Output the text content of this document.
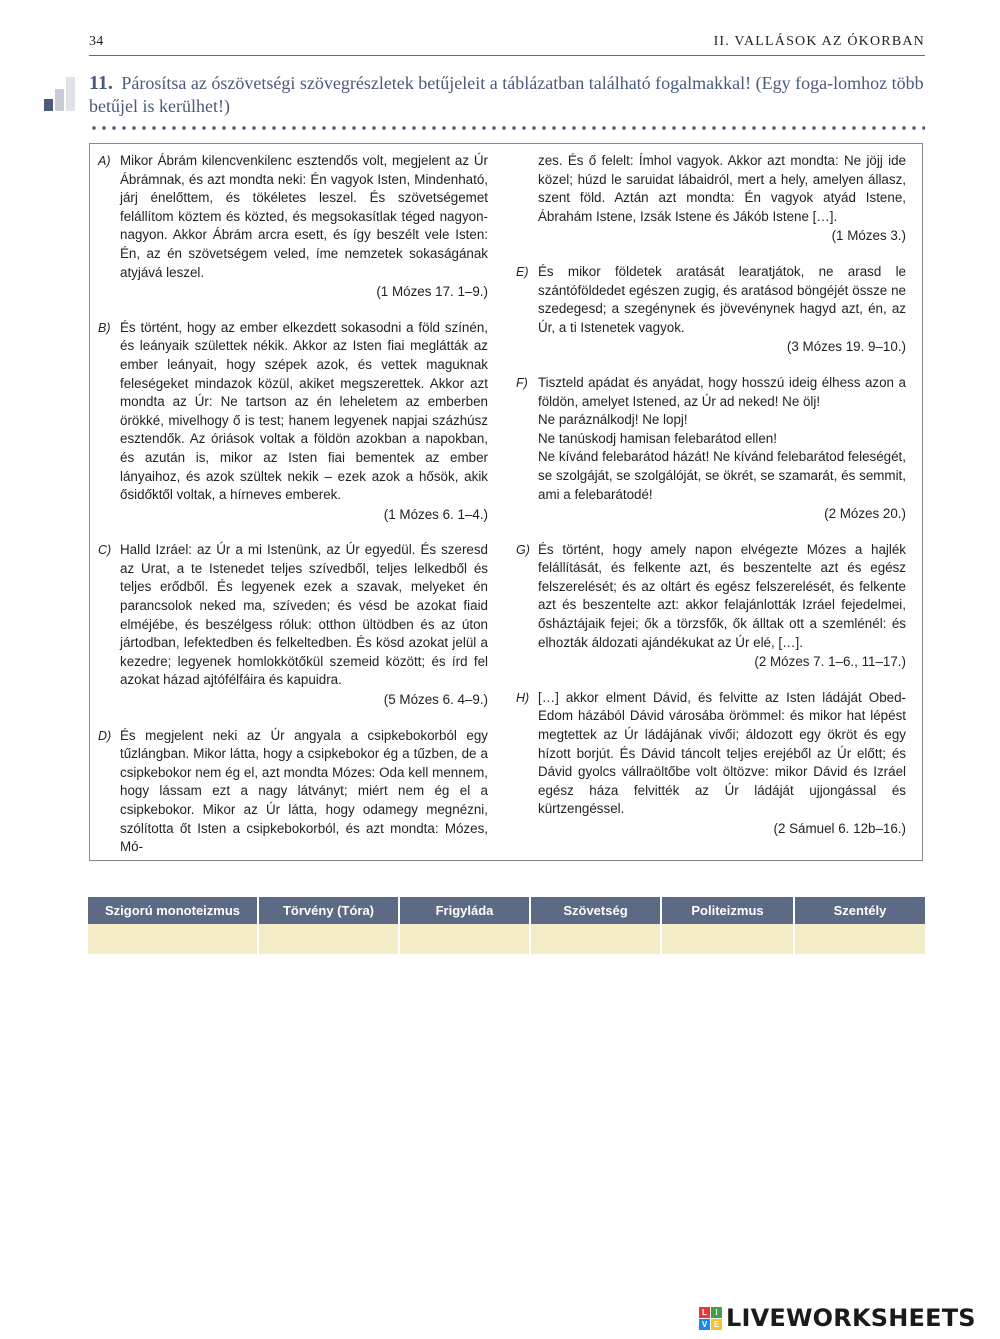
34	II. VALLÁSOK AZ ÓKORBAN
11. Párosítsa az ószövetségi szövegrészletek betűjeleit a táblázatban található fogalmakkal! (Egy foga-lomhoz több betűjel is kerülhet!)
A) Mikor Ábrám kilencvenkilenc esztendős volt, megjelent az Úr Ábrámnak, és azt mondta neki: Én vagyok Isten, Mindenható, járj énelőttem, és tökéletes leszel. És szövetségemet felállítom köztem és közted, és megsokasítlak téged nagyon-nagyon. Akkor Ábrám arcra esett, és így beszélt vele Isten: Én, az én szövetségem veled, íme nemzetek sokaságának atyjává leszel.
(1 Mózes 17. 1–9.)
B) És történt, hogy az ember elkezdett sokasodni a föld színén, és leányaik születtek nékik. Akkor az Isten fiai meglátták az ember leányait, hogy szépek azok, és vettek maguknak feleségeket mindazok közül, akiket megszerettek. Akkor azt mondta az Úr: Ne tartson az én leheletem az emberben örökké, mivelhogy ő is test; hanem legyenek napjai százhúsz esztendők. Az óriások voltak a földön azokban a napokban, és azután is, mikor az Isten fiai bementek az ember lányaihoz, és azok szültek nekik – ezek azok a hősök, akik ősidőktől voltak, a hírneves emberek.
(1 Mózes 6. 1–4.)
C) Halld Izráel: az Úr a mi Istenünk, az Úr egyedül. És szeresd az Urat, a te Istenedet teljes szívedből, teljes lelkedből és teljes erődből. És legyenek ezek a szavak, melyeket én parancsolok neked ma, szíveden; és vésd be azokat fiaid elméjébe, és beszélgess róluk: otthon ültödben és az úton jártodban, lefektedben és felkeltedben. És kösd azokat jelül a kezedre; legyenek homlokkötőkül szemeid között; és írd fel azokat házad ajtófélfáira és kapuidra.
(5 Mózes 6. 4–9.)
D) És megjelent neki az Úr angyala a csipkebokorból egy tűzlángban. Mikor látta, hogy a csipkebokor ég a tűzben, de a csipkebokor nem ég el, azt mondta Mózes: Oda kell mennem, hogy lássam ezt a nagy látványt; miért nem ég el a csipkebokor. Mikor az Úr látta, hogy odamegy megnézni, szólította őt Isten a csipkebokorból, és azt mondta: Mózes, Mó-
zes. És ő felelt: Ímhol vagyok. Akkor azt mondta: Ne jöjj ide közel; húzd le saruidat lábaidról, mert a hely, amelyen állasz, szent föld. Aztán azt mondta: Én vagyok atyád Istene, Ábrahám Istene, Izsák Istene és Jákób Istene […].
(1 Mózes 3.)
E) És mikor földetek aratását learatjátok, ne arasd le szántóföldedet egészen zugig, és aratásod böngéjét össze ne szedegesd; a szegénynek és jövevénynek hagyd azt, én, az Úr, a ti Istenetek vagyok.
(3 Mózes 19. 9–10.)
F) Tiszteld apádat és anyádat, hogy hosszú ideig élhess azon a földön, amelyet Istened, az Úr ad neked! Ne ölj!
Ne paráználkodj! Ne lopj!
Ne tanúskodj hamisan felebarátod ellen!
Ne kívánd felebarátod házát! Ne kívánd felebarátod feleségét, se szolgáját, se szolgálóját, se ökrét, se szamarát, és semmit, ami a felebarátodé!
(2 Mózes 20.)
G) És történt, hogy amely napon elvégezte Mózes a hajlék felállítását, és felkente azt, és beszentelte azt és egész felszerelését; és az oltárt és egész felszerelését, és felkente azt és beszentelte azt: akkor felajánlották Izráel fejedelmei, ősháztájaik fejei; ők a törzsfők, ők álltak ott a szemlénél: és elhozták áldozati ajándékukat az Úr elé, […].
(2 Mózes 7. 1–6., 11–17.)
H) […] akkor elment Dávid, és felvitte az Isten ládáját Obed-Edom házából Dávid városába örömmel: és mikor hat lépést megtettek az Úr ládájának vivői; áldozott egy ökröt és egy hízott borjút. És Dávid táncolt teljes erejéből az Úr előtt; és Dávid gyolcs vállraöltőbe volt öltözve: mikor Dávid és Izráel egész háza felvitték az Úr ládáját ujjongással és kürtzengéssel.
(2 Sámuel 6. 12b–16.)
Szigorú monoteizmus	Törvény (Tóra)	Frigyláda	Szövetség	Politeizmus	Szentély

L	I
V E LIVEWORKSHEETS
